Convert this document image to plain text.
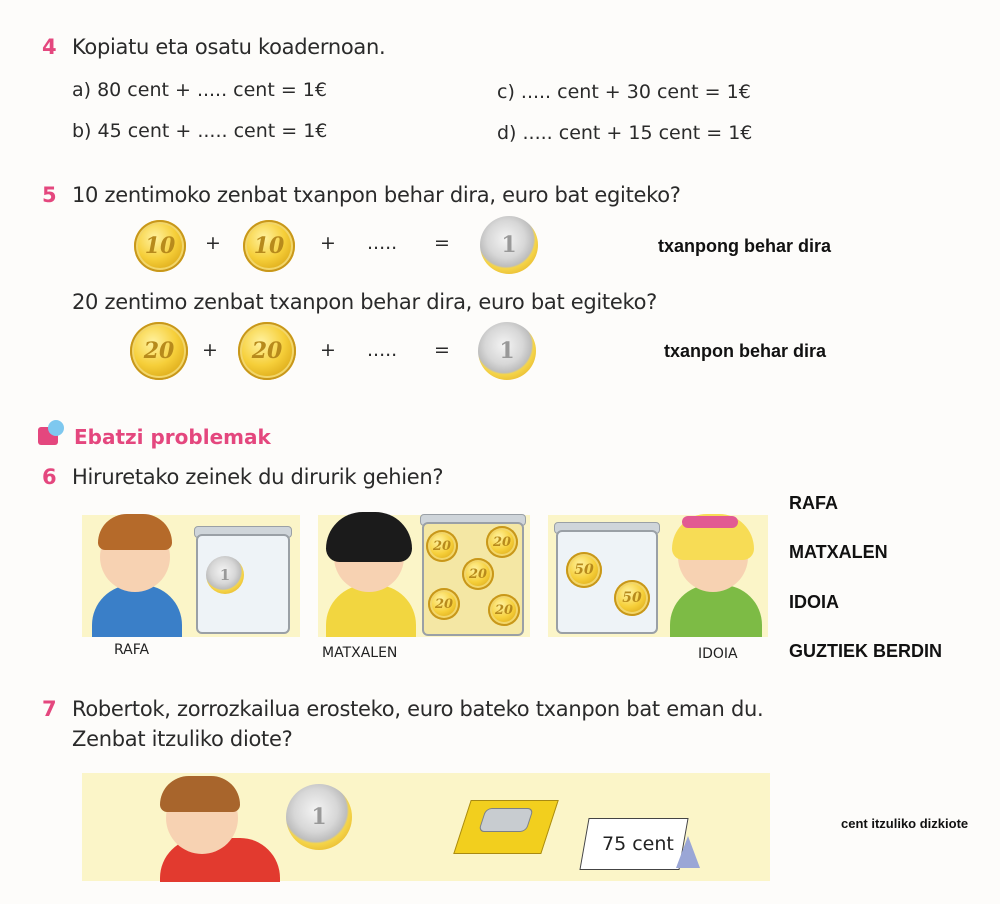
4 Kopiatu eta osatu koadernoan.
a) 80 cent + ..... cent = 1€
b) 45 cent + ..... cent = 1€
c) ..... cent + 30 cent = 1€
d) ..... cent + 15 cent = 1€
5 10 zentimoko zenbat txanpon behar dira, euro bat egiteko?
10 + 10 + ..... = 1	txanpong behar dira
20 zentimo zenbat txanpon behar dira, euro bat egiteko?
20 + 20 + ..... = 1	txanpon behar dira
Ebatzi problemak
6 Hiruretako zeinek du dirurik gehien?
1
20	20
20
20	20
50
50
RAFA	MATXALEN	IDOIA
RAFA
MATXALEN
IDOIA
GUZTIEK BERDIN
7 Robertok, zorrozkailua erosteko, euro bateko txanpon bat eman du.
Zenbat itzuliko diote?
1
75 cent
cent itzuliko dizkiote
